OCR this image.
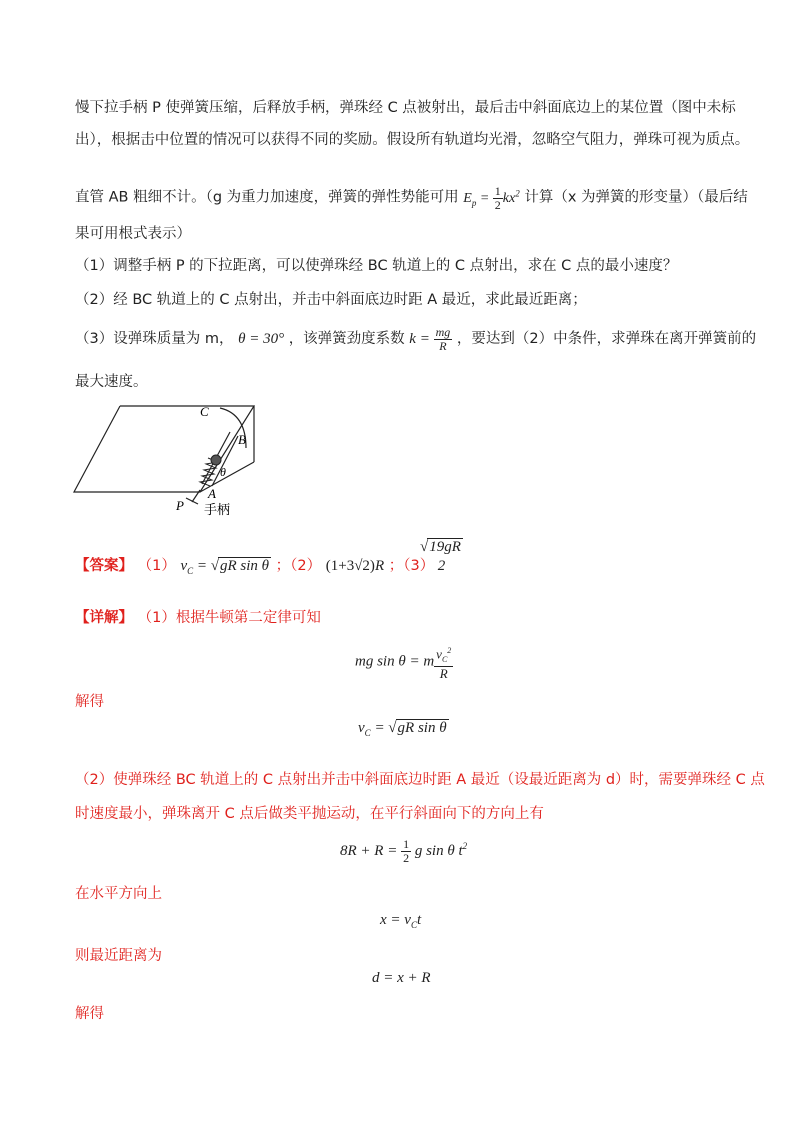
慢下拉手柄 P 使弹簧压缩，后释放手柄，弹珠经 C 点被射出，最后击中斜面底边上的某位置（图中未标
出），根据击中位置的情况可以获得不同的奖励。假设所有轨道均光滑，忽略空气阻力，弹珠可视为质点。
直管 AB 粗细不计。（g 为重力加速度，弹簧的弹性势能可用 $E_p = \frac{1}{2} kx^2$ 计算（x 为弹簧的形变量）（最后结
果可用根式表示）
（1）调整手柄 P 的下拉距离，可以使弹珠经 BC 轨道上的 C 点射出，求在 C 点的最小速度？
（2）经 BC 轨道上的 C 点射出，并击中斜面底边时距 A 最近，求此最近距离；
（3）设弹珠质量为 m， θ = 30° ，该弹簧劲度系数 $k = \frac{mg}{R}$ ，要达到（2）中条件，求弹珠在离开弹簧前的
最大速度。
C
B
θ
A
P 手柄
【答案】 （1） $v_C = √gR$ sin θ ；（2） (1+3√2)R ；（3）
$\frac{√19gR}{2}$
【详解】 （1）根据牛顿第二定律可知
mg sin θ = m $\frac{v_C^2}{R}$
解得
$v_C = √gR$ sin θ
（2）使弹珠经 BC 轨道上的 C 点射出并击中斜面底边时距 A 最近（设最近距离为 d）时，需要弹珠经 C 点
时速度最小，弹珠离开 C 点后做类平抛运动，在平行斜面向下的方向上有
$8R + R = \frac{1}{2}$ g sin θ $t^2$
在水平方向上
$x = v_Ct$
则最近距离为
d = x + R
解得
